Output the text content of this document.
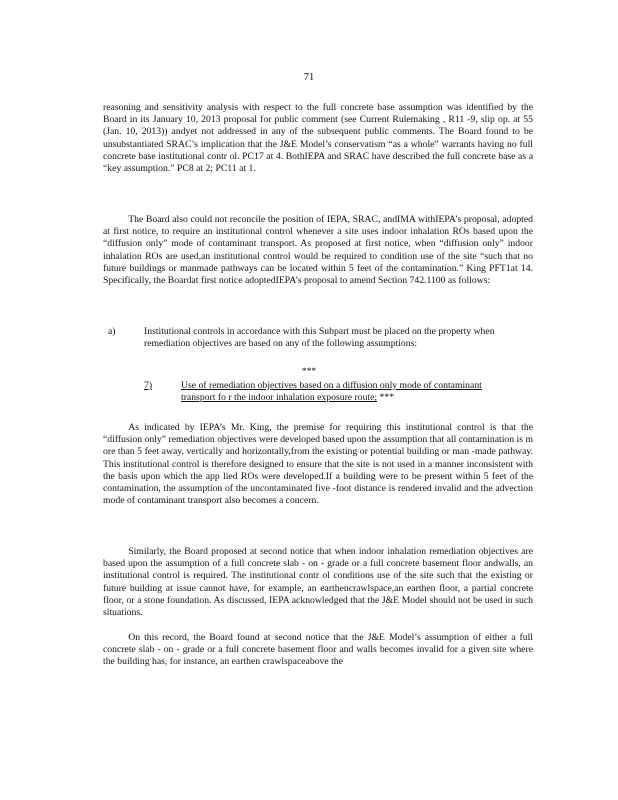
71

reasoning and sensitivity analysis with respect to the full concrete base assumption was identified by the Board in its January 10, 2013 proposal for public comment (see Current Rulemaking , R11 -9, slip op. at 55 (Jan. 10, 2013)) andyet not addressed in any of the subsequent public comments. The Board found to be unsubstantiated SRAC’s implication that the J&E Model’s conservatism “as a whole” warrants having no full concrete base institutional contr ol. PC17 at 4. BothIEPA and SRAC have described the full concrete base as a “key assumption.” PC8 at 2; PC11 at 1.

The Board also could not reconcile the position of IEPA, SRAC, andIMA withIEPA’s proposal, adopted at first notice, to require an institutional control whenever a site uses indoor inhalation ROs based upon the “diffusion only” mode of contaminant transport. As proposed at first notice, when “diffusion only” indoor inhalation ROs are used,an institutional control would be required to condition use of the site “such that no future buildings or manmade pathways can be located within 5 feet of the contamination.” King PFT1at 14. Specifically, the Boardat first notice adoptedIEPA’s proposal to amend Section 742.1100 as follows:

a)	Institutional controls in accordance with this Subpart must be placed on the property when remediation objectives are based on any of the following assumptions:
***
7)	Use of remediation objectives based on a diffusion only mode of contaminant transport fo r the indoor inhalation exposure route; ***

As indicated by IEPA’s Mr. King, the premise for requiring this institutional control is that the “diffusion only” remediation objectives were developed based upon the assumption that all contamination is m ore than 5 feet away, vertically and horizontally,from the existing or potential building or man -made pathway. This institutional control is therefore designed to ensure that the site is not used in a manner inconsistent with the basis upon which the app lied ROs were developed.If a building were to be present within 5 feet of the contamination, the assumption of the uncontaminated five -foot distance is rendered invalid and the advection mode of contaminant transport also becomes a concern.

Similarly, the Board proposed at second notice that when indoor inhalation remediation objectives are based upon the assumption of a full concrete slab - on - grade or a full concrete basement floor andwalls, an institutional control is required. The institutional contr ol conditions use of the site such that the existing or future building at issue cannot have, for example, an earthencrawlspace,an earthen floor, a partial concrete floor, or a stone foundation. As discussed, IEPA acknowledged that the J&E Model should not be used in such situations.

On this record, the Board found at second notice that the J&E Model’s assumption of either a full concrete slab - on - grade or a full concrete basement floor and walls becomes invalid for a given site where the building has, for instance, an earthen crawlspaceabove the
